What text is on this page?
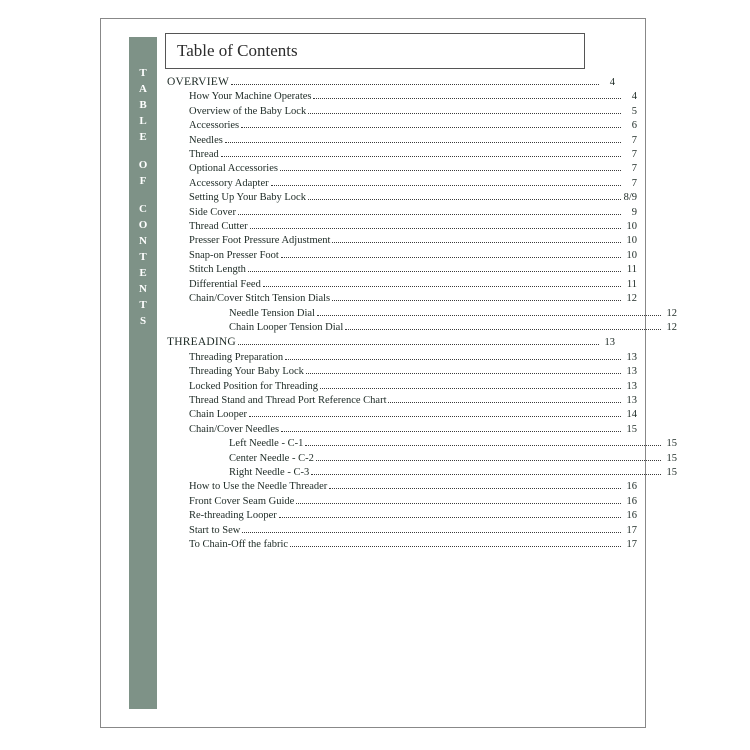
T
A
B
L
E
O
F
C
O
N
T
E
N
T
S
Table of Contents
OVERVIEW	4
How Your Machine Operates	4
Overview of the Baby Lock	5
Accessories	6
Needles	7
Thread	7
Optional Accessories	7
Accessory Adapter	7
Setting Up Your Baby Lock	8/9
Side Cover	9
Thread Cutter	10
Presser Foot Pressure Adjustment	10
Snap-on Presser Foot	10
Stitch Length	11
Differential Feed	11
Chain/Cover Stitch Tension Dials	12
Needle Tension Dial	12
Chain Looper Tension Dial	12
THREADING	13
Threading Preparation	13
Threading Your Baby Lock	13
Locked Position for Threading	13
Thread Stand and Thread Port Reference Chart	13
Chain Looper	14
Chain/Cover Needles	15
Left Needle - C-1	15
Center Needle - C-2	15
Right Needle - C-3	15
How to Use the Needle Threader	16
Front Cover Seam Guide	16
Re-threading Looper	16
Start to Sew	17
To Chain-Off the fabric	17
